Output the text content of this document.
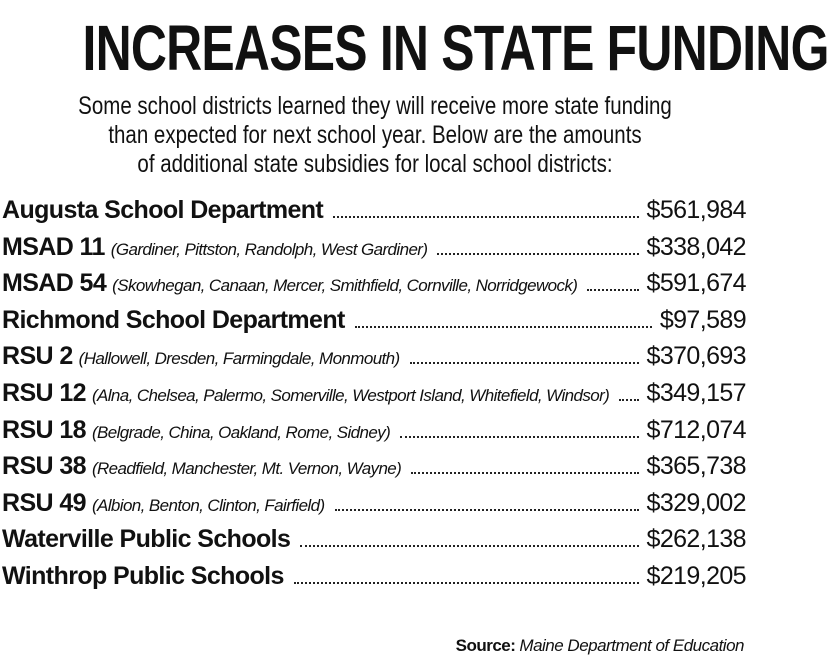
INCREASES IN STATE FUNDING
Some school districts learned they will receive more state funding
than expected for next school year. Below are the amounts
of additional state subsidies for local school districts:
Augusta School Department	$561,984
MSAD 11 (Gardiner, Pittston, Randolph, West Gardiner)	$338,042
MSAD 54 (Skowhegan, Canaan, Mercer, Smithfield, Cornville, Norridgewock)	$591,674
Richmond School Department	$97,589
RSU 2 (Hallowell, Dresden, Farmingdale, Monmouth)	$370,693
RSU 12 (Alna, Chelsea, Palermo, Somerville, Westport Island, Whitefield, Windsor) $349,157
RSU 18 (Belgrade, China, Oakland, Rome, Sidney)	$712,074
RSU 38 (Readfield, Manchester, Mt. Vernon, Wayne)	$365,738
RSU 49 (Albion, Benton, Clinton, Fairfield)	$329,002
Waterville Public Schools	$262,138
Winthrop Public Schools	$219,205
Source: Maine Department of Education
